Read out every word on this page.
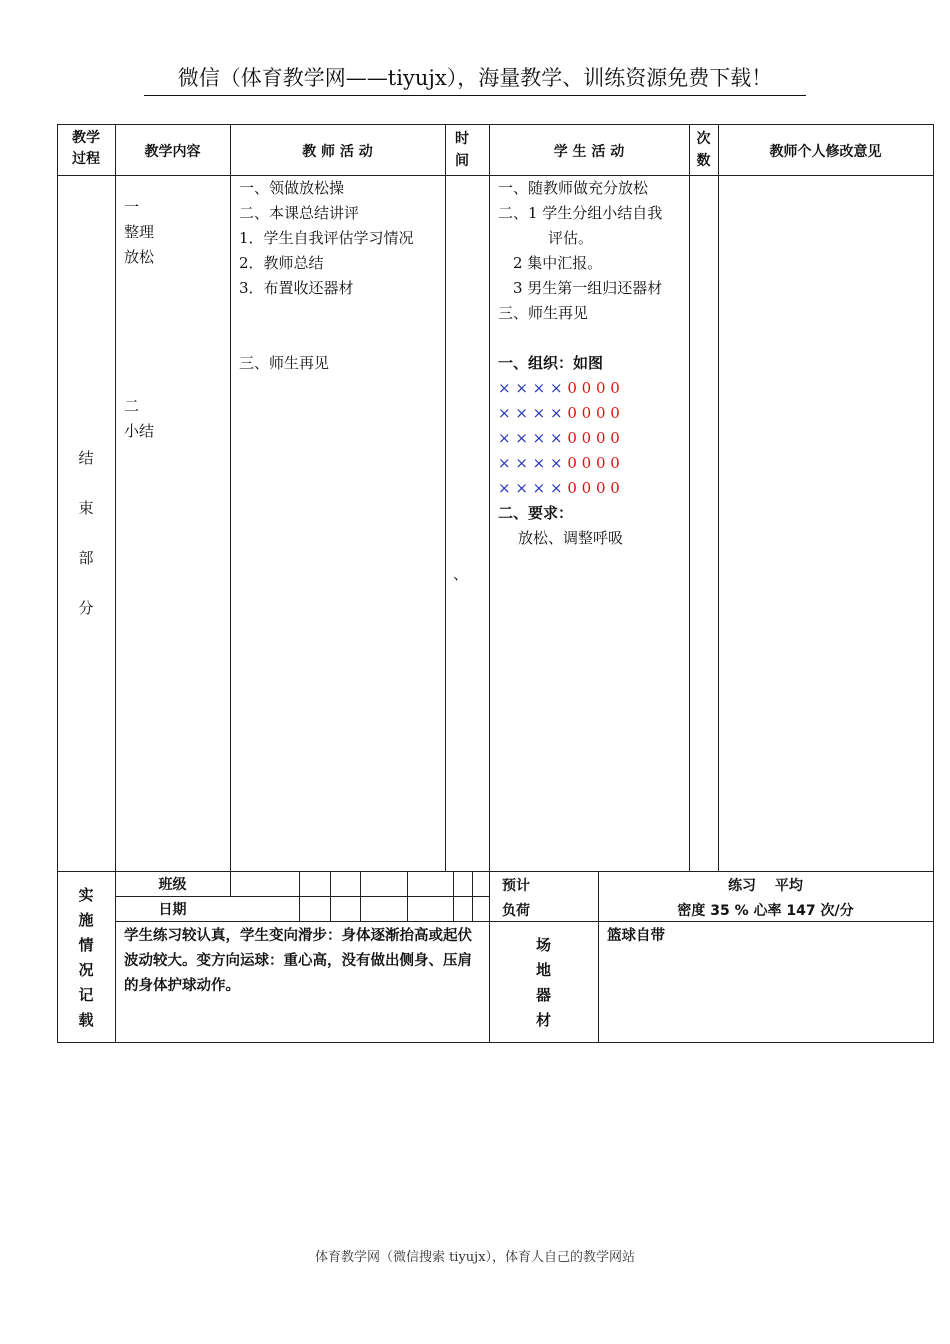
微信（体育教学网——tiyujx），海量教学、训练资源免费下载！
教学
过程	教学内容	教 师 活 动
时
间
学 生 活 动
次
数
教师个人修改意见
结
束
部
分
一
整理
放松
二
小结
一、领做放松操
二、本课总结讲评
1．学生自我评估学习情况
2．教师总结
3．布置收还器材
三、师生再见
、
一、随教师做充分放松
二、1 学生分组小结自我
评估。
2 集中汇报。
3 男生第一组归还器材
三、师生再见
一、组织：如图
× × × × 0 0 0 0
× × × × 0 0 0 0
× × × × 0 0 0 0
× × × × 0 0 0 0
× × × × 0 0 0 0
二、要求：
放松、调整呼吸
实
施
情
况
记
载
班级
日期
预计
负荷
练习　 平均
密度 35 % 心率 147 次/分
学生练习较认真，学生变向滑步：身体逐渐抬高或起伏波动较大。变方向运球：重心高，没有做出侧身、压肩的身体护球动作。
场
地
器
材
篮球自带
体育教学网（微信搜索 tiyujx），体育人自己的教学网站
